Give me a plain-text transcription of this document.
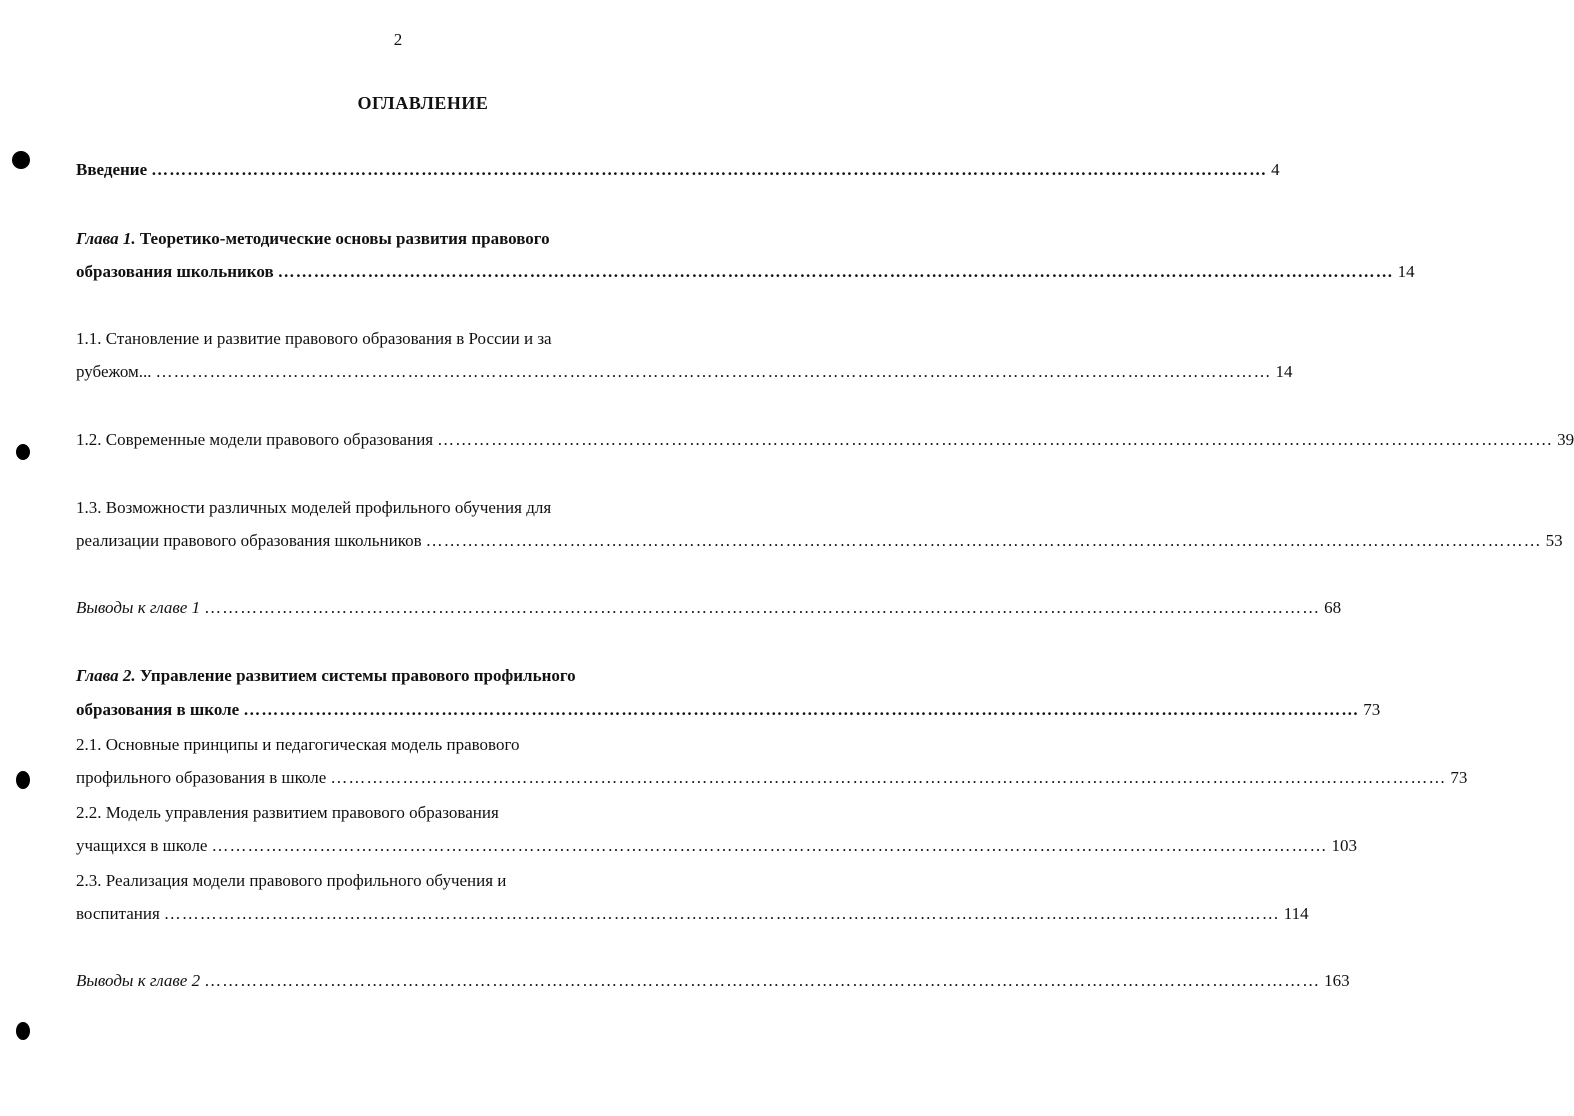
2
ОГЛАВЛЕНИЕ
Введение …………………………………………………………………………………………………………………………………………………………………… 4
Глава 1. Теоретико-методические основы развития правового
образования школьников …………………………………………………………………………………………………………………………………………………………………… 14
1.1. Становление и развитие правового образования в России и за
рубежом... …………………………………………………………………………………………………………………………………………………………………… 14
1.2. Современные модели правового образования …………………………………………………………………………………………………………………………………………………………………… 39
1.3. Возможности различных моделей профильного обучения для
реализации правового образования школьников …………………………………………………………………………………………………………………………………………………………………… 53
Выводы к главе 1 …………………………………………………………………………………………………………………………………………………………………… 68
Глава 2. Управление развитием системы правового профильного
образования в школе …………………………………………………………………………………………………………………………………………………………………… 73
2.1. Основные принципы и педагогическая модель правового
профильного образования в школе …………………………………………………………………………………………………………………………………………………………………… 73
2.2. Модель управления развитием правового образования
учащихся в школе …………………………………………………………………………………………………………………………………………………………………… 103
2.3. Реализация модели правового профильного обучения и
воспитания …………………………………………………………………………………………………………………………………………………………………… 114
Выводы к главе 2 …………………………………………………………………………………………………………………………………………………………………… 163
